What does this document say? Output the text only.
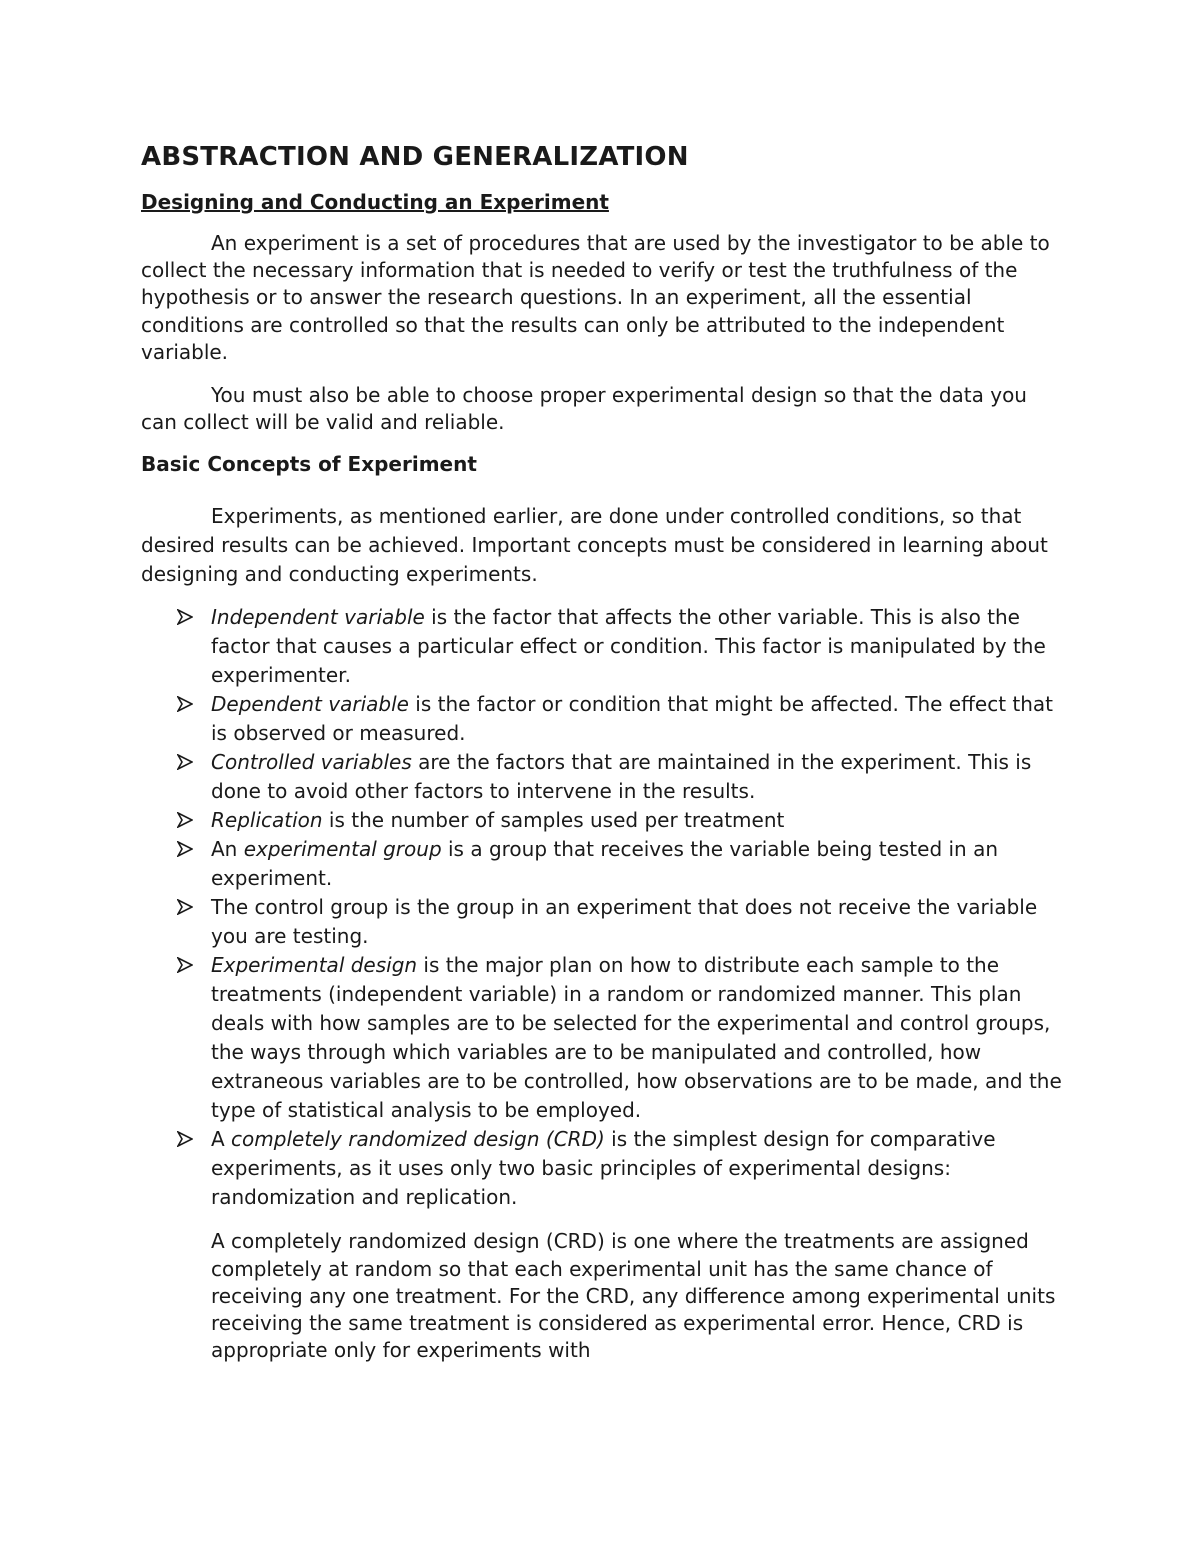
ABSTRACTION AND GENERALIZATION
Designing and Conducting an Experiment

An experiment is a set of procedures that are used by the investigator to be able to collect the necessary information that is needed to verify or test the truthfulness of the hypothesis or to answer the research questions. In an experiment, all the essential conditions are controlled so that the results can only be attributed to the independent variable.

You must also be able to choose proper experimental design so that the data you can collect will be valid and reliable.

Basic Concepts of Experiment

Experiments, as mentioned earlier, are done under controlled conditions, so that desired results can be achieved. Important concepts must be considered in learning about designing and conducting experiments.

Independent variable is the factor that affects the other variable. This is also the factor that causes a particular effect or condition. This factor is manipulated by the experimenter.
Dependent variable is the factor or condition that might be affected. The effect that is observed or measured.
Controlled variables are the factors that are maintained in the experiment. This is done to avoid other factors to intervene in the results.
Replication is the number of samples used per treatment
An experimental group is a group that receives the variable being tested in an experiment.
The control group is the group in an experiment that does not receive the variable you are testing.
Experimental design is the major plan on how to distribute each sample to the treatments (independent variable) in a random or randomized manner. This plan deals with how samples are to be selected for the experimental and control groups, the ways through which variables are to be manipulated and controlled, how extraneous variables are to be controlled, how observations are to be made, and the type of statistical analysis to be employed.
A completely randomized design (CRD) is the simplest design for comparative experiments, as it uses only two basic principles of experimental designs: randomization and replication.

A completely randomized design (CRD) is one where the treatments are assigned completely at random so that each experimental unit has the same chance of receiving any one treatment. For the CRD, any difference among experimental units receiving the same treatment is considered as experimental error. Hence, CRD is appropriate only for experiments with
